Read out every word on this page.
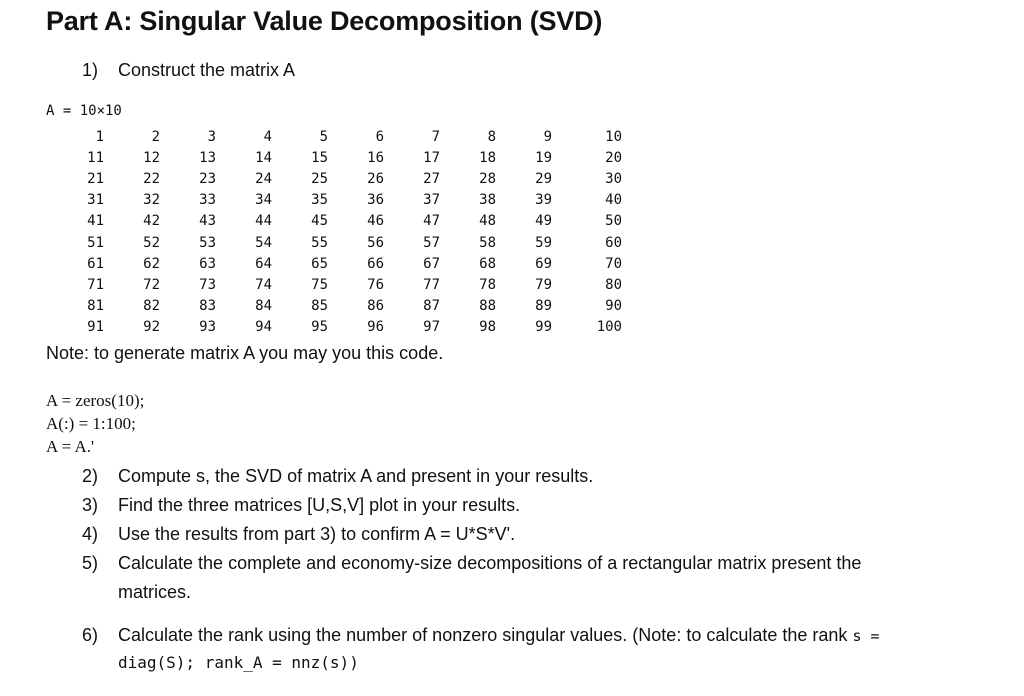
Part A: Singular Value Decomposition (SVD)
1)	Construct the matrix A
A = 10×10
1	2	3	4	5	6	7	8	9	10
11	12	13	14	15	16	17	18	19	20
21	22	23	24	25	26	27	28	29	30
31	32	33	34	35	36	37	38	39	40
41	42	43	44	45	46	47	48	49	50
51	52	53	54	55	56	57	58	59	60
61	62	63	64	65	66	67	68	69	70
71	72	73	74	75	76	77	78	79	80
81	82	83	84	85	86	87	88	89	90
91	92	93	94	95	96	97	98	99	100
Note: to generate matrix A you may you this code.
A = zeros(10);
A(:) = 1:100;
A = A.'
2)	Compute s, the SVD of matrix A and present in your results.
3)	Find the three matrices [U,S,V] plot in your results.
4)	Use the results from part 3) to confirm A = U*S*V'.
5)	Calculate the complete and economy-size decompositions of a rectangular matrix present the
matrices.
6)	Calculate the rank using the number of nonzero singular values. (Note: to calculate the rank s =
diag(S); rank_A = nnz(s))
